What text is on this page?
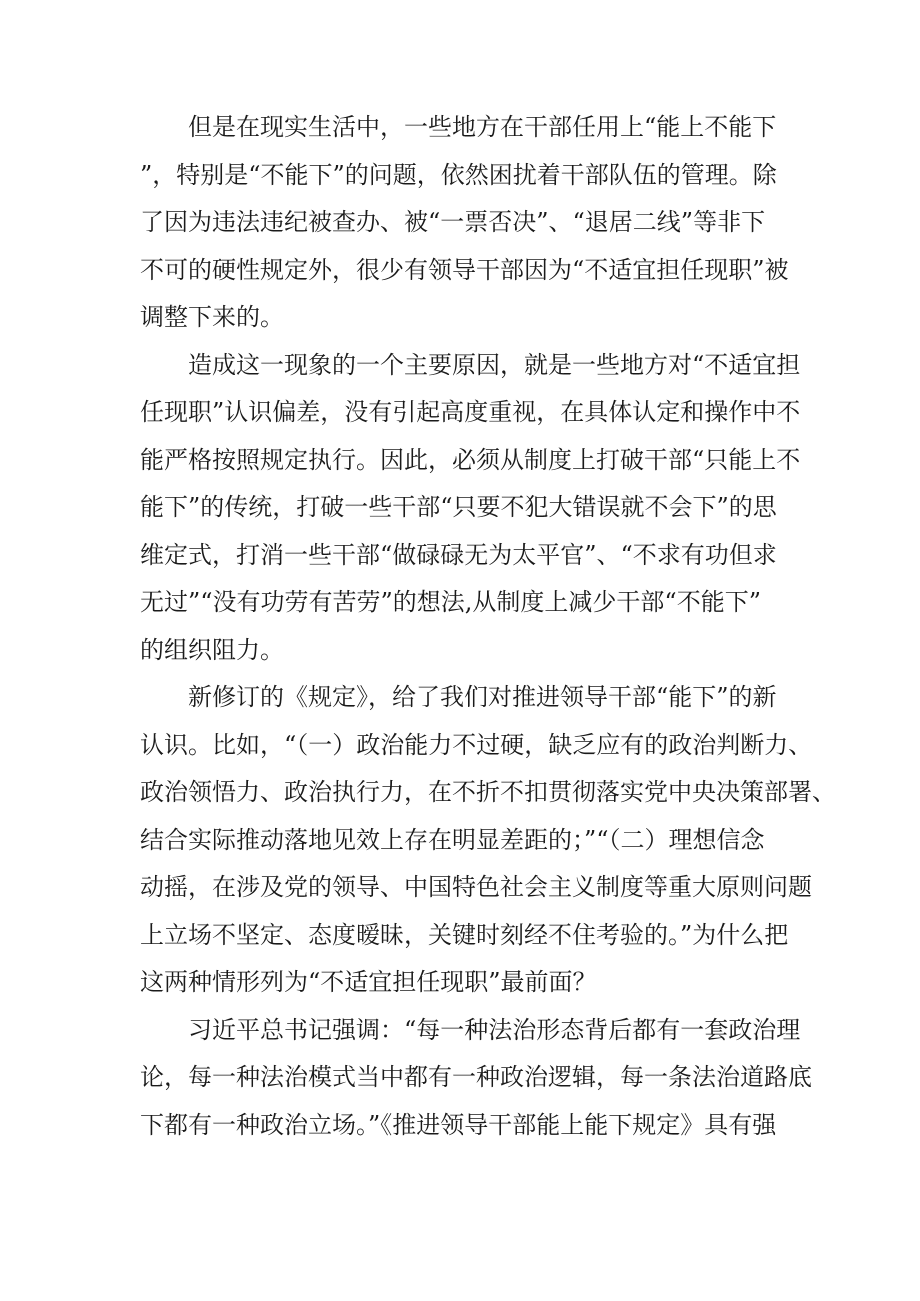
但是在现实生活中，一些地方在干部任用上“能上不能下
”，特别是“不能下”的问题，依然困扰着干部队伍的管理。除
了因为违法违纪被查办、被“一票否决”、“退居二线”等非下
不可的硬性规定外，很少有领导干部因为“不适宜担任现职”被
调整下来的。
造成这一现象的一个主要原因，就是一些地方对“不适宜担
任现职”认识偏差，没有引起高度重视，在具体认定和操作中不
能严格按照规定执行。因此，必须从制度上打破干部“只能上不
能下”的传统，打破一些干部“只要不犯大错误就不会下”的思
维定式，打消一些干部“做碌碌无为太平官”、“不求有功但求
无过”“没有功劳有苦劳”的想法,从制度上减少干部“不能下”
的组织阻力。
新修订的《规定》，给了我们对推进领导干部“能下”的新
认识。比如，“（一）政治能力不过硬，缺乏应有的政治判断力、
政治领悟力、政治执行力，在不折不扣贯彻落实党中央决策部署、
结合实际推动落地见效上存在明显差距的；”“（二）理想信念
动摇，在涉及党的领导、中国特色社会主义制度等重大原则问题
上立场不坚定、态度暧昧，关键时刻经不住考验的。”为什么把
这两种情形列为“不适宜担任现职”最前面？
习近平总书记强调：“每一种法治形态背后都有一套政治理
论，每一种法治模式当中都有一种政治逻辑，每一条法治道路底
下都有一种政治立场。”《推进领导干部能上能下规定》具有强
